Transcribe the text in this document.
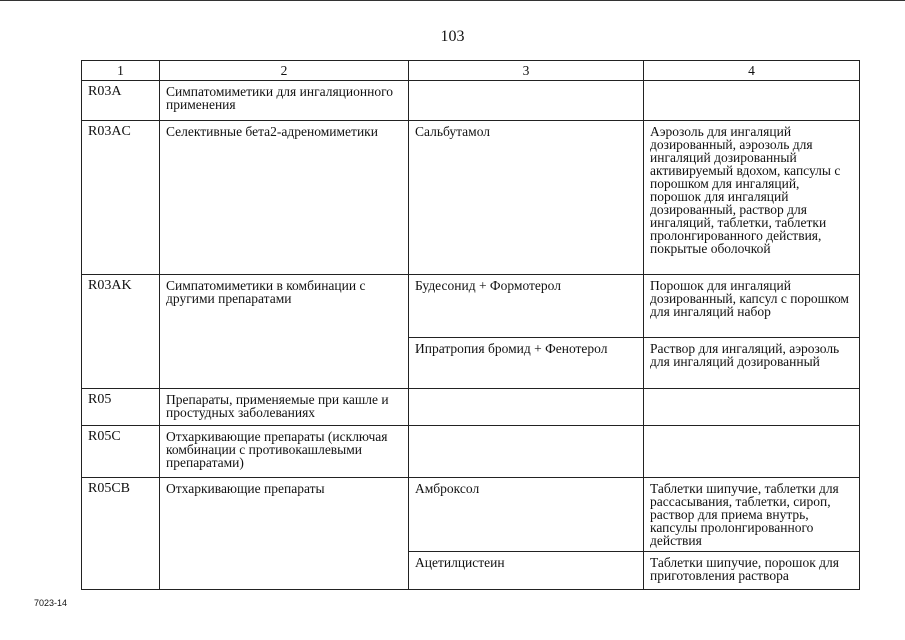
103
1	2	3	4
R03A	Симпатомиметики для ингаляционного применения		
R03AC	Селективные бета2-адреномиметики	Сальбутамол	Аэрозоль для ингаляций дозированный, аэрозоль для ингаляций дозированный активируемый вдохом, капсулы с порошком для ингаляций, порошок для ингаляций дозированный, раствор для ингаляций, таблетки, таблетки пролонгированного действия, покрытые оболочкой
R03AK	Симпатомиметики в комбинации с другими препаратами	Будесонид + Формотерол	Порошок для ингаляций дозированный, капсул с порошком для ингаляций набор
		Ипратропия бромид + Фенотерол	Раствор для ингаляций, аэрозоль для ингаляций дозированный
R05	Препараты, применяемые при кашле и простудных заболеваниях		
R05C	Отхаркивающие препараты (исключая комбинации с противокашлевыми препаратами)		
R05CB	Отхаркивающие препараты	Амброксол	Таблетки шипучие, таблетки для рассасывания, таблетки, сироп, раствор для приема внутрь, капсулы пролонгированного действия
		Ацетилцистеин	Таблетки шипучие, порошок для приготовления раствора
7023-14
